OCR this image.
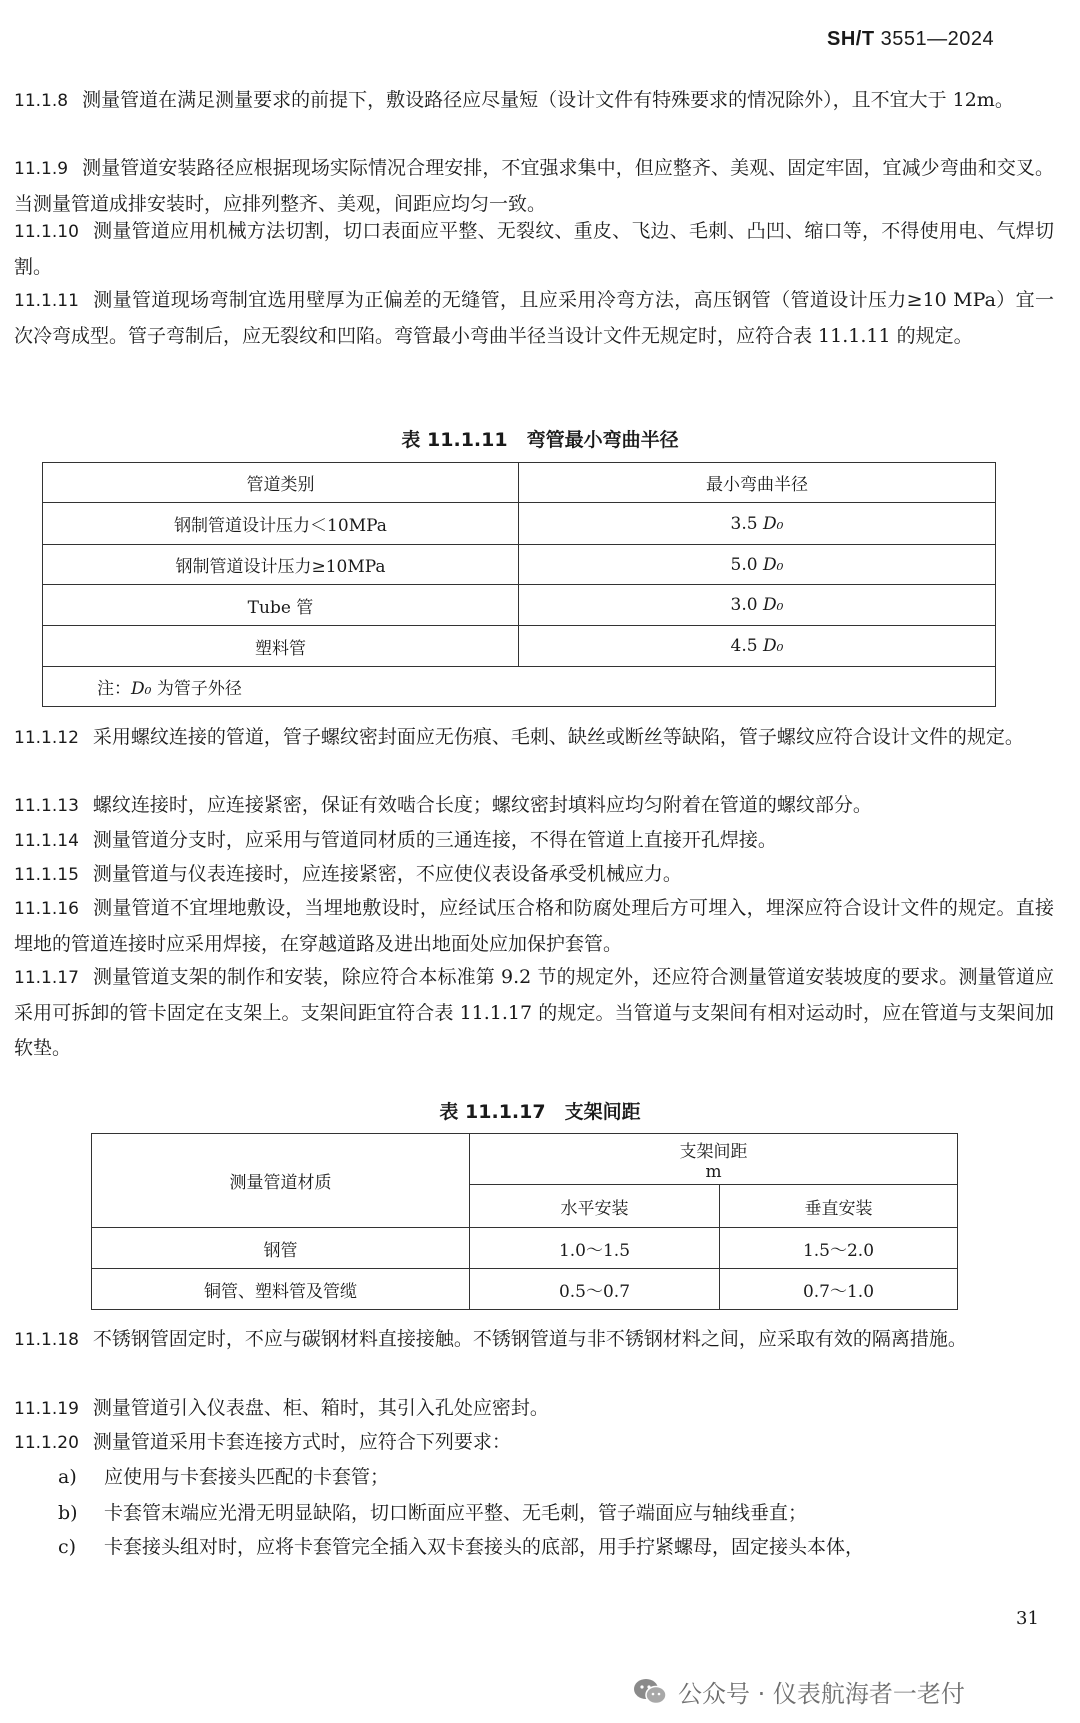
SH/T 3551—2024

11.1.8 测量管道在满足测量要求的前提下，敷设路径应尽量短（设计文件有特殊要求的情况除外），且不宜大于 12m。

11.1.9 测量管道安装路径应根据现场实际情况合理安排，不宜强求集中，但应整齐、美观、固定牢固，宜减少弯曲和交叉。当测量管道成排安装时，应排列整齐、美观，间距应均匀一致。

11.1.10 测量管道应用机械方法切割，切口表面应平整、无裂纹、重皮、飞边、毛刺、凸凹、缩口等，不得使用电、气焊切割。

11.1.11 测量管道现场弯制宜选用壁厚为正偏差的无缝管，且应采用冷弯方法，高压钢管（管道设计压力≥10 MPa）宜一次冷弯成型。管子弯制后，应无裂纹和凹陷。弯管最小弯曲半径当设计文件无规定时，应符合表 11.1.11 的规定。

表 11.1.11　弯管最小弯曲半径
管道类别	最小弯曲半径
钢制管道设计压力＜10MPa	3.5 D₀
钢制管道设计压力≥10MPa	5.0 D₀
Tube 管	3.0 D₀
塑料管	4.5 D₀
注：D₀ 为管子外径	

11.1.12 采用螺纹连接的管道，管子螺纹密封面应无伤痕、毛刺、缺丝或断丝等缺陷，管子螺纹应符合设计文件的规定。

11.1.13 螺纹连接时，应连接紧密，保证有效啮合长度；螺纹密封填料应均匀附着在管道的螺纹部分。

11.1.14 测量管道分支时，应采用与管道同材质的三通连接，不得在管道上直接开孔焊接。

11.1.15 测量管道与仪表连接时，应连接紧密，不应使仪表设备承受机械应力。

11.1.16 测量管道不宜埋地敷设，当埋地敷设时，应经试压合格和防腐处理后方可埋入，埋深应符合设计文件的规定。直接埋地的管道连接时应采用焊接，在穿越道路及进出地面处应加保护套管。

11.1.17 测量管道支架的制作和安装，除应符合本标准第 9.2 节的规定外，还应符合测量管道安装坡度的要求。测量管道应采用可拆卸的管卡固定在支架上。支架间距宜符合表 11.1.17 的规定。当管道与支架间有相对运动时，应在管道与支架间加软垫。

表 11.1.17　支架间距
测量管道材质	支架间距
m	

	水平安装	垂直安装
钢管	1.0～1.5	1.5～2.0
铜管、塑料管及管缆	0.5～0.7	0.7～1.0

11.1.18 不锈钢管固定时，不应与碳钢材料直接接触。不锈钢管道与非不锈钢材料之间，应采取有效的隔离措施。

11.1.19 测量管道引入仪表盘、柜、箱时，其引入孔处应密封。

11.1.20 测量管道采用卡套连接方式时，应符合下列要求：

a) 应使用与卡套接头匹配的卡套管；
b) 卡套管末端应光滑无明显缺陷，切口断面应平整、无毛刺，管子端面应与轴线垂直；
c) 卡套接头组对时，应将卡套管完全插入双卡套接头的底部，用手拧紧螺母，固定接头本体，
31
公众号 · 仪表航海者一老付
